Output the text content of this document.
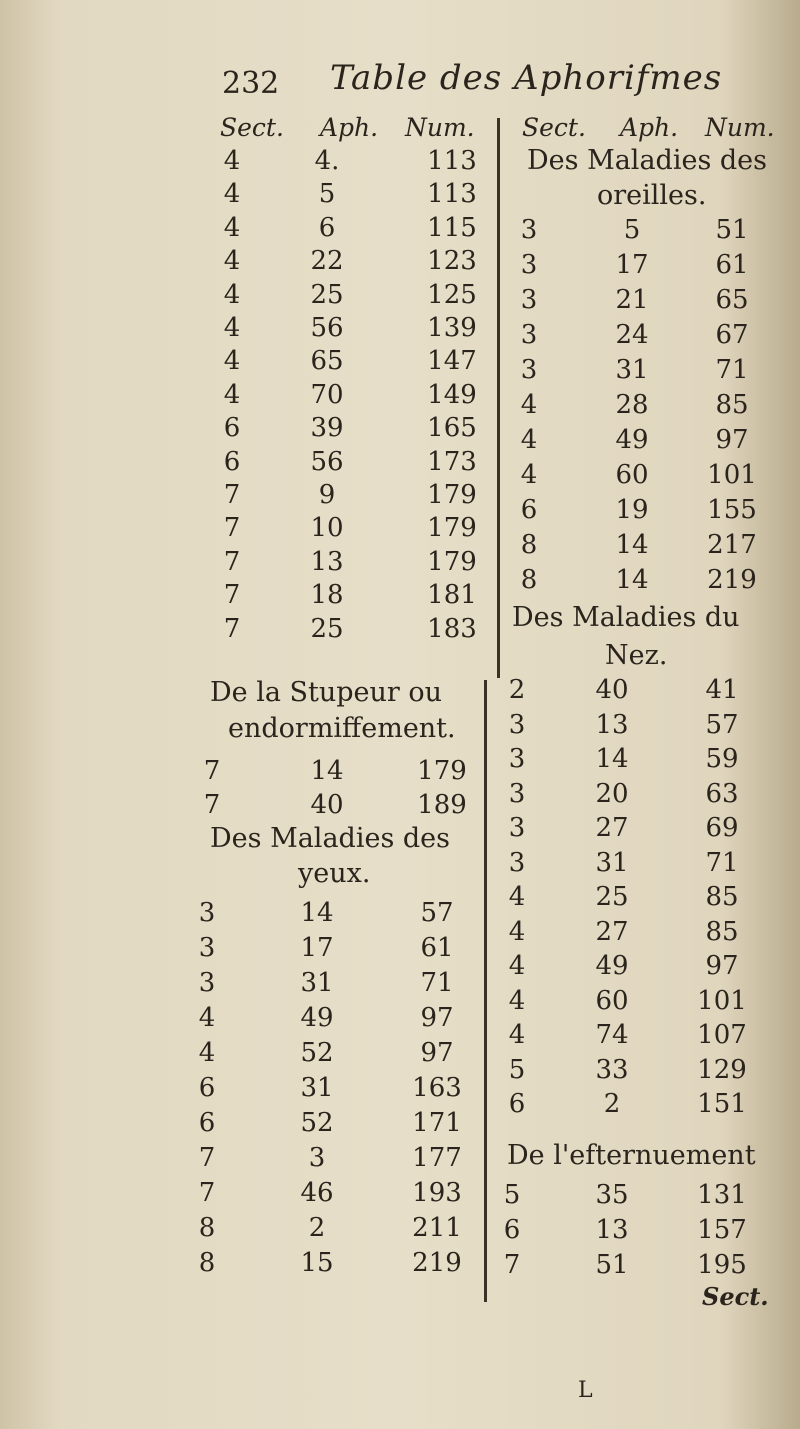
232 Table des Aphorifmes
Sect. Aph. Num. Sect. Aph. Num.
4	4.	113
4	5	113
4	6	115
4	22	123
4	25	125
4	56	139
4	65	147
4	70	149
6	39	165
6	56	173
7	9	179
7	10	179
7	13	179
7	18	181
7	25	183
De la Stupeur ou
endormiffement.
7	14	179
7	40	189
Des Maladies des
yeux.
3	14	57
3	17	61
3	31	71
4	49	97
4	52	97
6	31	163
6	52	171
7	3	177
7	46	193
8	2	211
8	15	219
Des Maladies des
oreilles.
3	5	51
3	17	61
3	21	65
3	24	67
3	31	71
4	28	85
4	49	97
4	60	101
6	19	155
8	14	217
8	14	219
Des Maladies du
Nez.
2	40	41
3	13	57
3	14	59
3	20	63
3	27	69
3	31	71
4	25	85
4	27	85
4	49	97
4	60	101
4	74	107
5	33	129
6	2	151
De l'efternuement
5	35	131
6	13	157
7	51	195
Sect.
L
